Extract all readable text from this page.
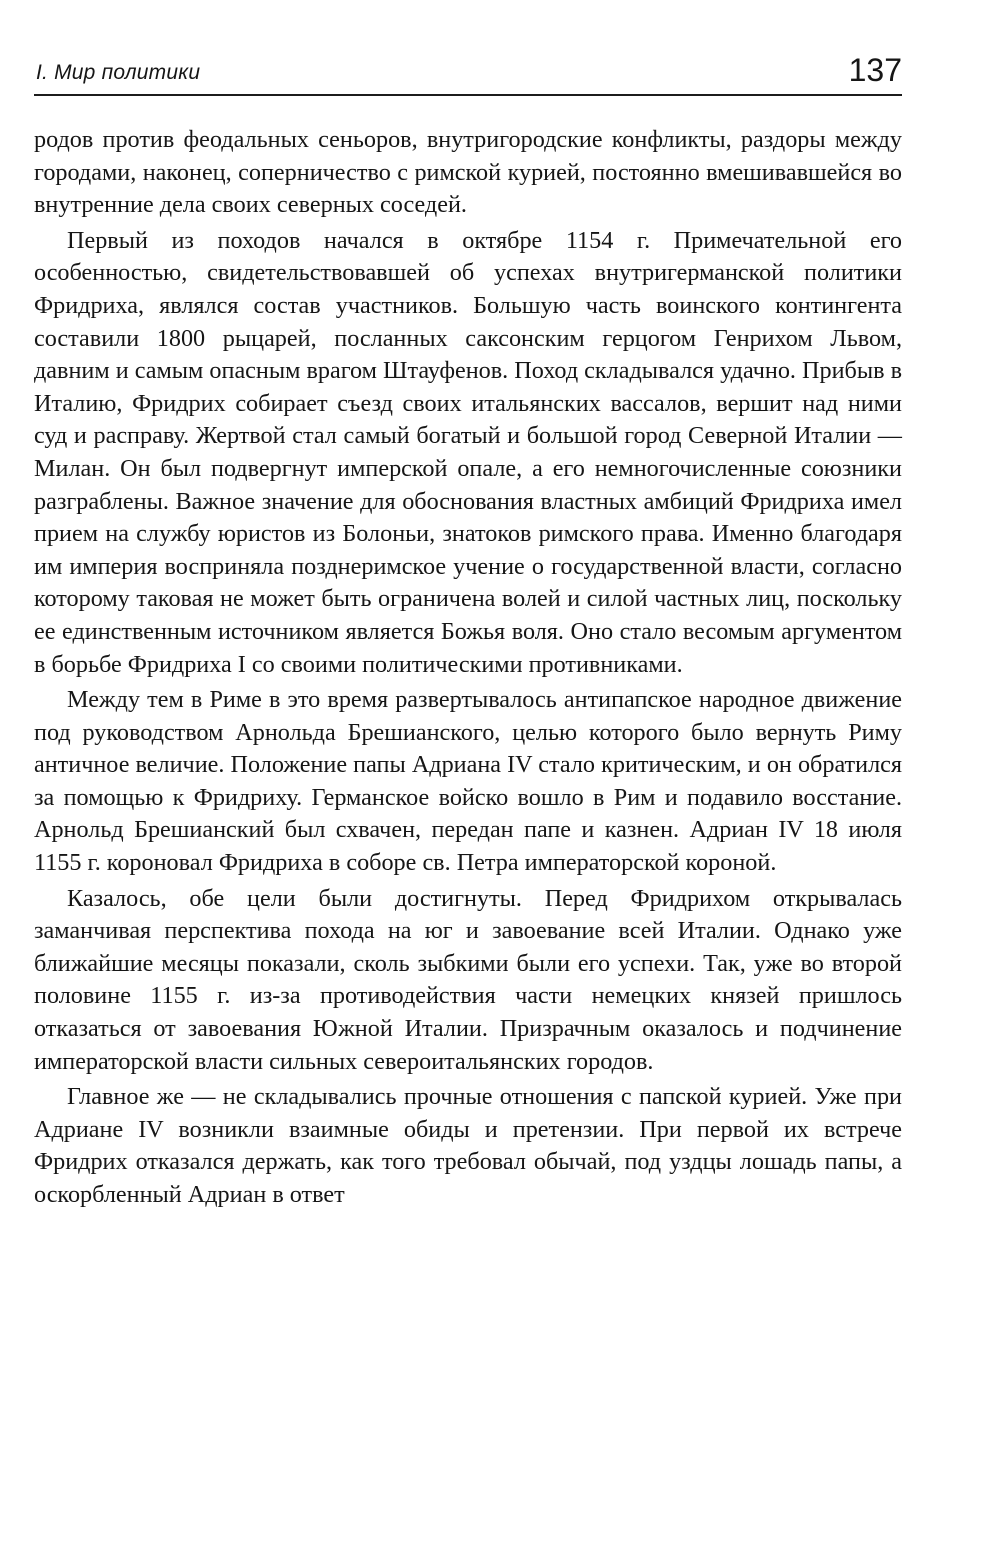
I. Мир политики	137

родов против феодальных сеньоров, внутригородские конфликты, раздоры между городами, наконец, соперничество с римской курией, постоянно вмешивавшейся во внутренние дела своих северных соседей.

Первый из походов начался в октябре 1154 г. Примечательной его особенностью, свидетельствовавшей об успехах внутригерманской политики Фридриха, являлся состав участников. Большую часть воинского контингента составили 1800 рыцарей, посланных саксонским герцогом Генрихом Львом, давним и самым опасным врагом Штауфенов. Поход складывался удачно. Прибыв в Италию, Фридрих собирает съезд своих итальянских вассалов, вершит над ними суд и расправу. Жертвой стал самый богатый и большой город Северной Италии — Милан. Он был подвергнут имперской опале, а его немногочисленные союзники разграблены. Важное значение для обоснования властных амбиций Фридриха имел прием на службу юристов из Болоньи, знатоков римского права. Именно благодаря им империя восприняла позднеримское учение о государственной власти, согласно которому таковая не может быть ограничена волей и силой частных лиц, поскольку ее единственным источником является Божья воля. Оно стало весомым аргументом в борьбе Фридриха I со своими политическими противниками.

Между тем в Риме в это время развертывалось антипапское народное движение под руководством Арнольда Брешианского, целью которого было вернуть Риму античное величие. Положение папы Адриана IV стало критическим, и он обратился за помощью к Фридриху. Германское войско вошло в Рим и подавило восстание. Арнольд Брешианский был схвачен, передан папе и казнен. Адриан IV 18 июля 1155 г. короновал Фридриха в соборе св. Петра императорской короной.

Казалось, обе цели были достигнуты. Перед Фридрихом открывалась заманчивая перспектива похода на юг и завоевание всей Италии. Однако уже ближайшие месяцы показали, сколь зыбкими были его успехи. Так, уже во второй половине 1155 г. из-за противодействия части немецких князей пришлось отказаться от завоевания Южной Италии. Призрачным оказалось и подчинение императорской власти сильных североитальянских городов.

Главное же — не складывались прочные отношения с папской курией. Уже при Адриане IV возникли взаимные обиды и претензии. При первой их встрече Фридрих отказался держать, как того требовал обычай, под уздцы лошадь папы, а оскорбленный Адриан в ответ
